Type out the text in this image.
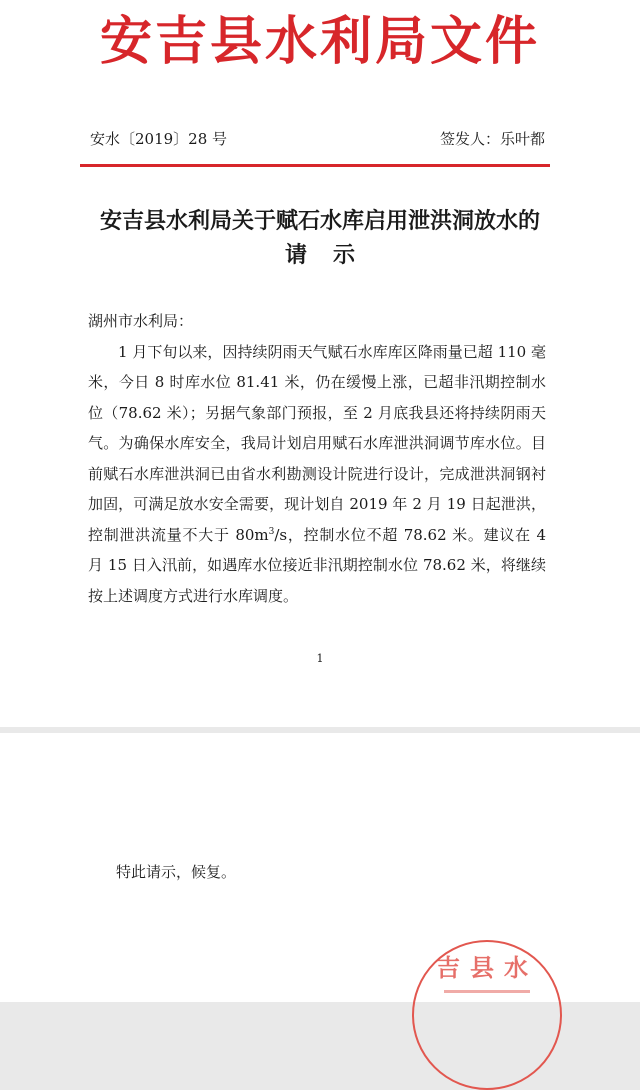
安吉县水利局文件
安水〔2019〕28 号	签发人：乐叶都
安吉县水利局关于赋石水库启用泄洪洞放水的
请示

湖州市水利局：

1 月下旬以来，因持续阴雨天气赋石水库库区降雨量已超 110 毫米，今日 8 时库水位 81.41 米，仍在缓慢上涨，已超非汛期控制水位（78.62 米）；另据气象部门预报，至 2 月底我县还将持续阴雨天气。为确保水库安全，我局计划启用赋石水库泄洪洞调节库水位。目前赋石水库泄洪洞已由省水利勘测设计院进行设计，完成泄洪洞钢衬加固，可满足放水安全需要，现计划自 2019 年 2 月 19 日起泄洪，控制泄洪流量不大于 $80m^3/s$，控制水位不超 78.62 米。建议在 4 月 15 日入汛前，如遇库水位接近非汛期控制水位 78.62 米，将继续按上述调度方式进行水库调度。

1
特此请示，候复。
吉县水
